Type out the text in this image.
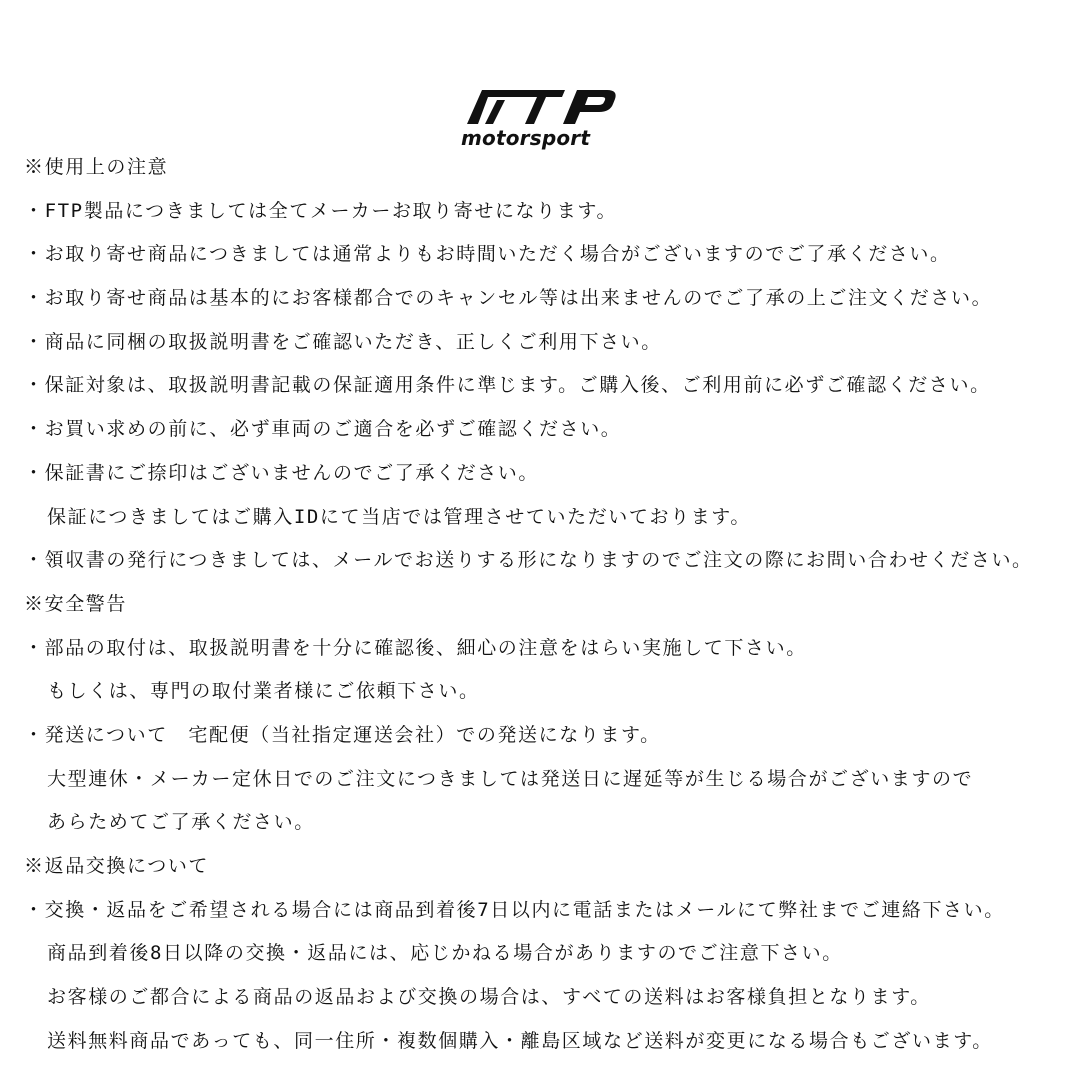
motorsport
※使用上の注意
・FTP製品につきましては全てメーカーお取り寄せになります。
・お取り寄せ商品につきましては通常よりもお時間いただく場合がございますのでご了承ください。
・お取り寄せ商品は基本的にお客様都合でのキャンセル等は出来ませんのでご了承の上ご注文ください。
・商品に同梱の取扱説明書をご確認いただき、正しくご利用下さい。
・保証対象は、取扱説明書記載の保証適用条件に準じます。ご購入後、ご利用前に必ずご確認ください。
・お買い求めの前に、必ず車両のご適合を必ずご確認ください。
・保証書にご捺印はございませんのでご了承ください。
保証につきましてはご購入IDにて当店では管理させていただいております。
・領収書の発行につきましては、メールでお送りする形になりますのでご注文の際にお問い合わせください。
※安全警告
・部品の取付は、取扱説明書を十分に確認後、細心の注意をはらい実施して下さい。
もしくは、専門の取付業者様にご依頼下さい。
・発送について　宅配便（当社指定運送会社）での発送になります。
大型連休・メーカー定休日でのご注文につきましては発送日に遅延等が生じる場合がございますので
あらためてご了承ください。
※返品交換について
・交換・返品をご希望される場合には商品到着後7日以内に電話またはメールにて弊社までご連絡下さい。
商品到着後8日以降の交換・返品には、応じかねる場合がありますのでご注意下さい。
お客様のご都合による商品の返品および交換の場合は、すべての送料はお客様負担となります。
送料無料商品であっても、同一住所・複数個購入・離島区域など送料が変更になる場合もございます。
